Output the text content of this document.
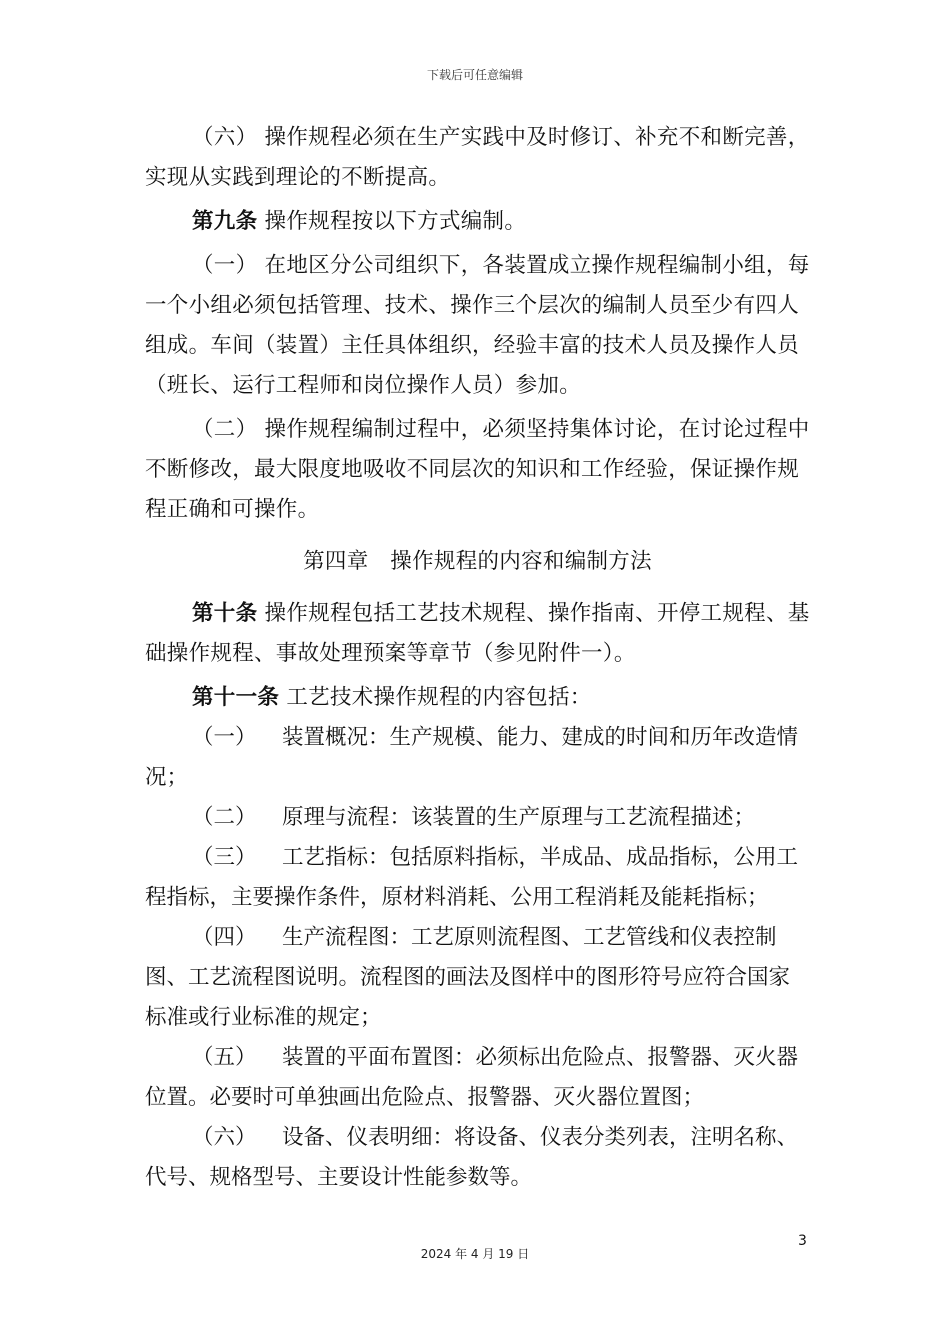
下载后可任意编辑

（六） 操作规程必须在生产实践中及时修订、补充不和断完善，实现从实践到理论的不断提高。

第九条 操作规程按以下方式编制。

（一） 在地区分公司组织下，各装置成立操作规程编制小组，每一个小组必须包括管理、技术、操作三个层次的编制人员至少有四人组成。车间（装置）主任具体组织，经验丰富的技术人员及操作人员（班长、运行工程师和岗位操作人员）参加。

（二） 操作规程编制过程中，必须坚持集体讨论，在讨论过程中不断修改，最大限度地吸收不同层次的知识和工作经验，保证操作规程正确和可操作。

第四章　操作规程的内容和编制方法

第十条 操作规程包括工艺技术规程、操作指南、开停工规程、基础操作规程、事故处理预案等章节（参见附件一）。

第十一条 工艺技术操作规程的内容包括：

（一） 装置概况：生产规模、能力、建成的时间和历年改造情况；

（二） 原理与流程：该装置的生产原理与工艺流程描述；

（三） 工艺指标：包括原料指标，半成品、成品指标，公用工程指标，主要操作条件，原材料消耗、公用工程消耗及能耗指标；

（四） 生产流程图：工艺原则流程图、工艺管线和仪表控制图、工艺流程图说明。流程图的画法及图样中的图形符号应符合国家标准或行业标准的规定；

（五） 装置的平面布置图：必须标出危险点、报警器、灭火器位置。必要时可单独画出危险点、报警器、灭火器位置图；

（六） 设备、仪表明细：将设备、仪表分类列表，注明名称、代号、规格型号、主要设计性能参数等。

3
2024 年 4 月 19 日
